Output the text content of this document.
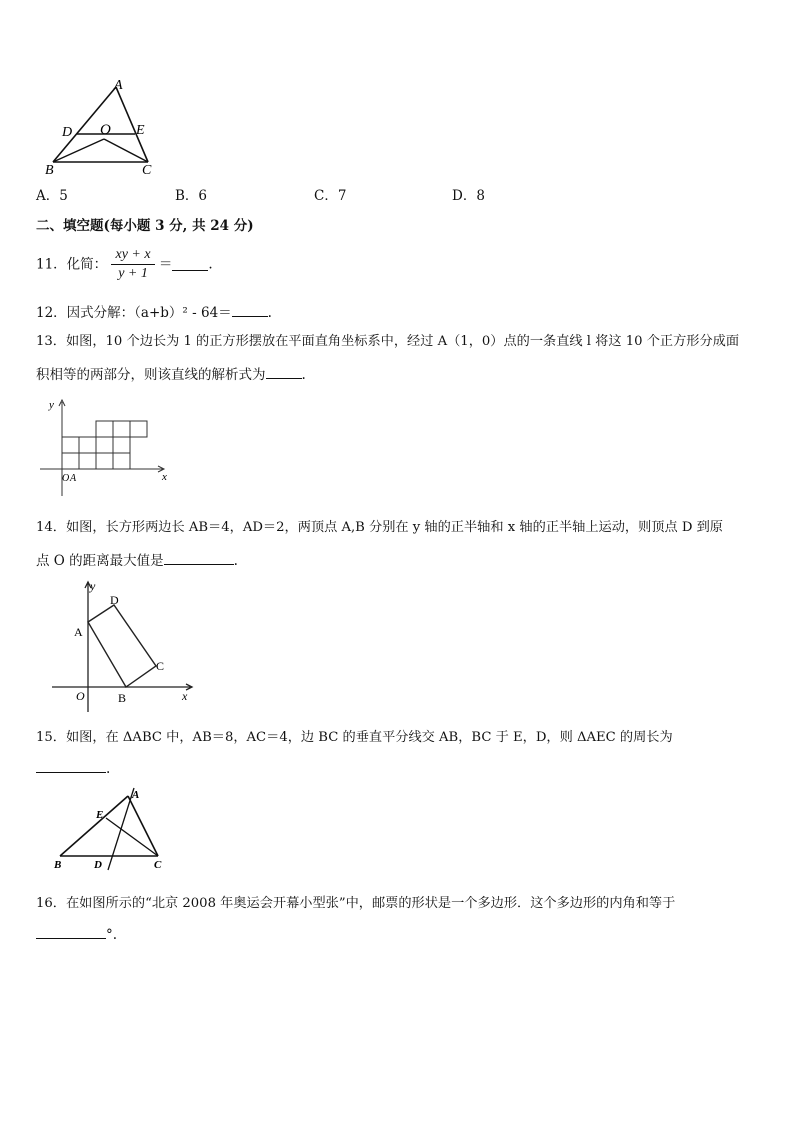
A
D O E
B	C
A．5	B．6	C．7	D．8
二、填空题(每小题 3 分, 共 24 分)
11．化简： $\frac{xy + x}{y + 1}$ ＝	.
12．因式分解：（a+b）² - 64＝	.
13．如图，10 个边长为 1 的正方形摆放在平面直角坐标系中，经过 A（1，0）点的一条直线 l 将这 10 个正方形分成面
积相等的两部分，则该直线的解析式为	.
y
x
O A
14．如图，长方形两边长 AB＝4，AD＝2，两顶点 A,B 分别在 y 轴的正半轴和 x 轴的正半轴上运动，则顶点 D 到原
点 O 的距离最大值是	.
y
x
O
A
D
C
B
15．如图，在 ΔABC 中，AB＝8，AC＝4，边 BC 的垂直平分线交 AB，BC 于 E，D，则 ΔAEC 的周长为
.
A
E
B	D	C
16．在如图所示的“北京 2008 年奥运会开幕小型张”中，邮票的形状是一个多边形．这个多边形的内角和等于
°.
